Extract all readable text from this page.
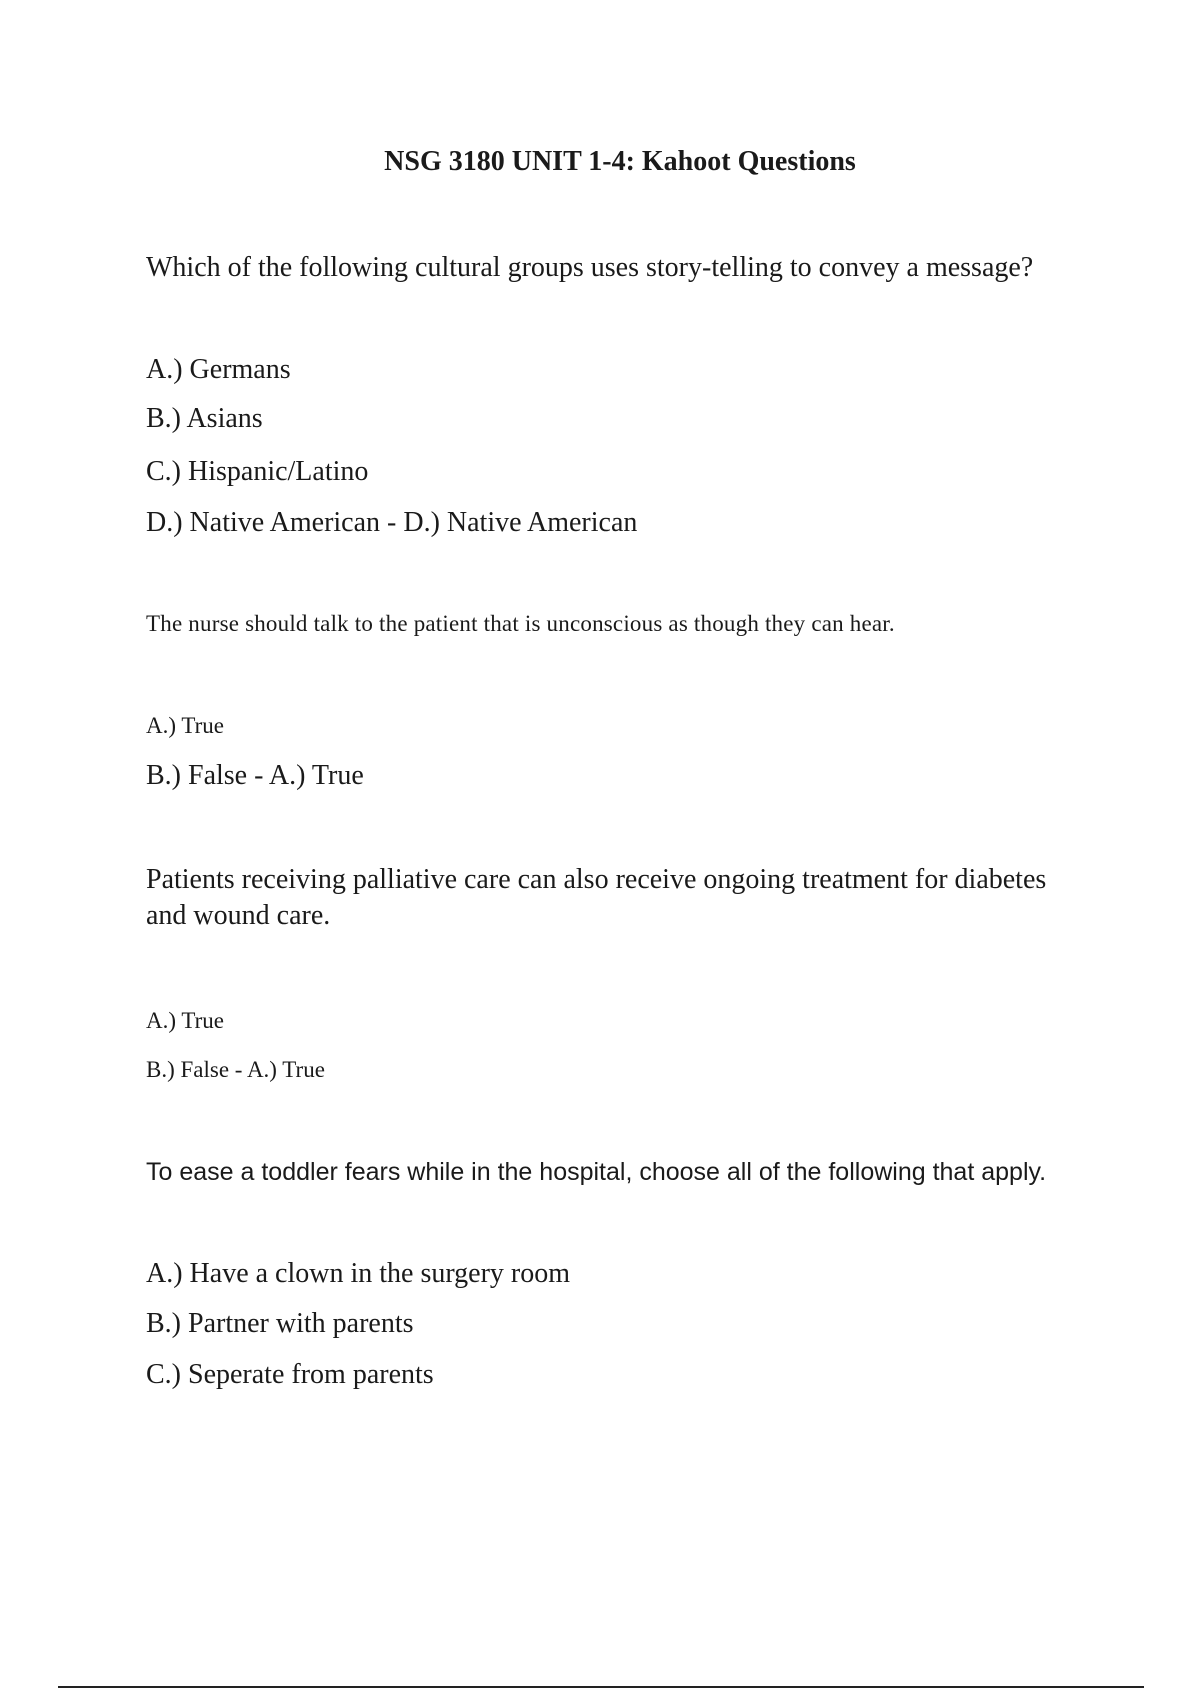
NSG 3180 UNIT 1-4: Kahoot Questions

Which of the following cultural groups uses story-telling to convey a message?

A.) Germans

B.) Asians

C.) Hispanic/Latino

D.) Native American - D.) Native American

The nurse should talk to the patient that is unconscious as though they can hear.

A.) True

B.) False - A.) True

Patients receiving palliative care can also receive ongoing treatment for diabetes and wound care.

A.) True

B.) False - A.) True

To ease a toddler fears while in the hospital, choose all of the following that apply.

A.) Have a clown in the surgery room

B.) Partner with parents

C.) Seperate from parents
